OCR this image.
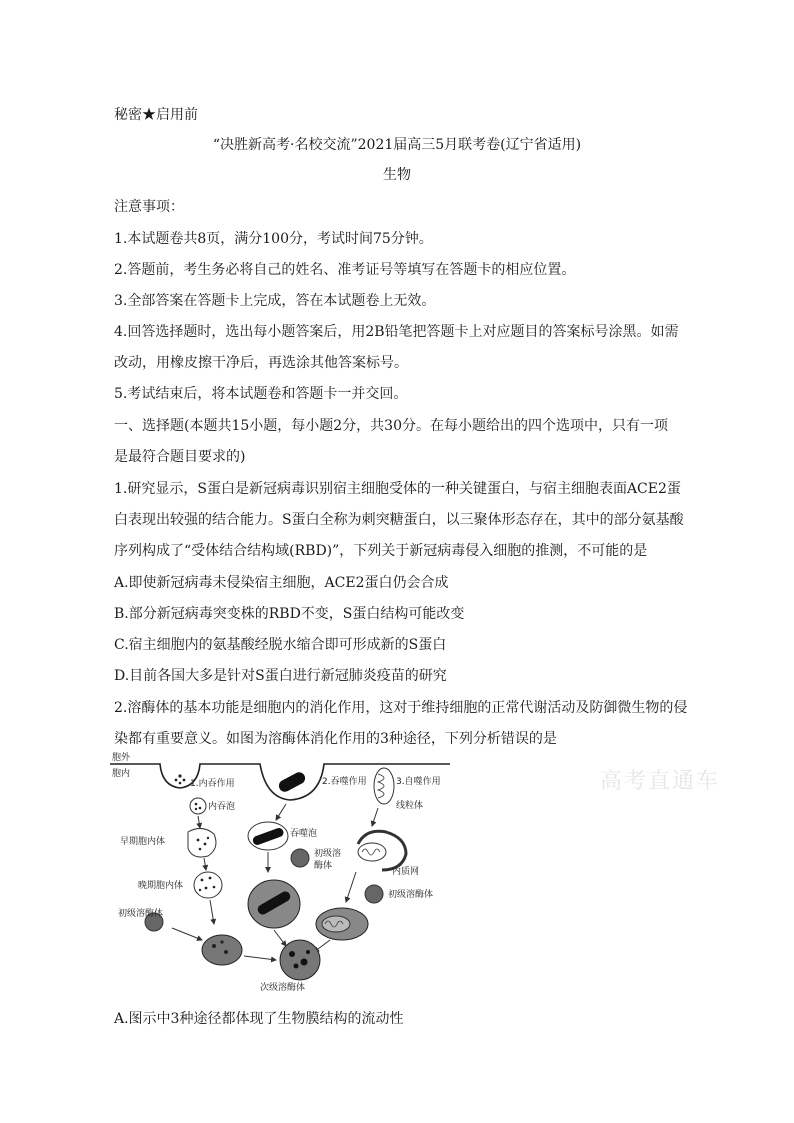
秘密★启用前
“决胜新高考·名校交流”2021届高三5月联考卷(辽宁省适用)
生物
注意事项：
1.本试题卷共8页，满分100分，考试时间75分钟。
2.答题前，考生务必将自己的姓名、准考证号等填写在答题卡的相应位置。
3.全部答案在答题卡上完成，答在本试题卷上无效。
4.回答选择题时，选出每小题答案后，用2B铅笔把答题卡上对应题目的答案标号涂黑。如需
改动，用橡皮擦干净后，再选涂其他答案标号。
5.考试结束后，将本试题卷和答题卡一并交回。
一、选择题(本题共15小题，每小题2分，共30分。在每小题给出的四个选项中，只有一项
是最符合题目要求的)
1.研究显示，S蛋白是新冠病毒识别宿主细胞受体的一种关键蛋白，与宿主细胞表面ACE2蛋
白表现出较强的结合能力。S蛋白全称为刺突糖蛋白，以三聚体形态存在，其中的部分氨基酸
序列构成了“受体结合结构域(RBD)”，下列关于新冠病毒侵入细胞的推测，不可能的是
A.即使新冠病毒未侵染宿主细胞，ACE2蛋白仍会合成
B.部分新冠病毒突变株的RBD不变，S蛋白结构可能改变
C.宿主细胞内的氨基酸经脱水缩合即可形成新的S蛋白
D.目前各国大多是针对S蛋白进行新冠肺炎疫苗的研究
2.溶酶体的基本功能是细胞内的消化作用，这对于维持细胞的正常代谢活动及防御微生物的侵
染都有重要意义。如图为溶酶体消化作用的3种途径，下列分析错误的是
高考直通车
胞外
胞内
1.内吞作用
内吞泡
早期胞内体
晚期胞内体
初级溶酶体
2.吞噬作用
吞噬泡
初级溶
酶体
3.自噬作用
线粒体
内质网
初级溶酶体
次级溶酶体
A.图示中3种途径都体现了生物膜结构的流动性
